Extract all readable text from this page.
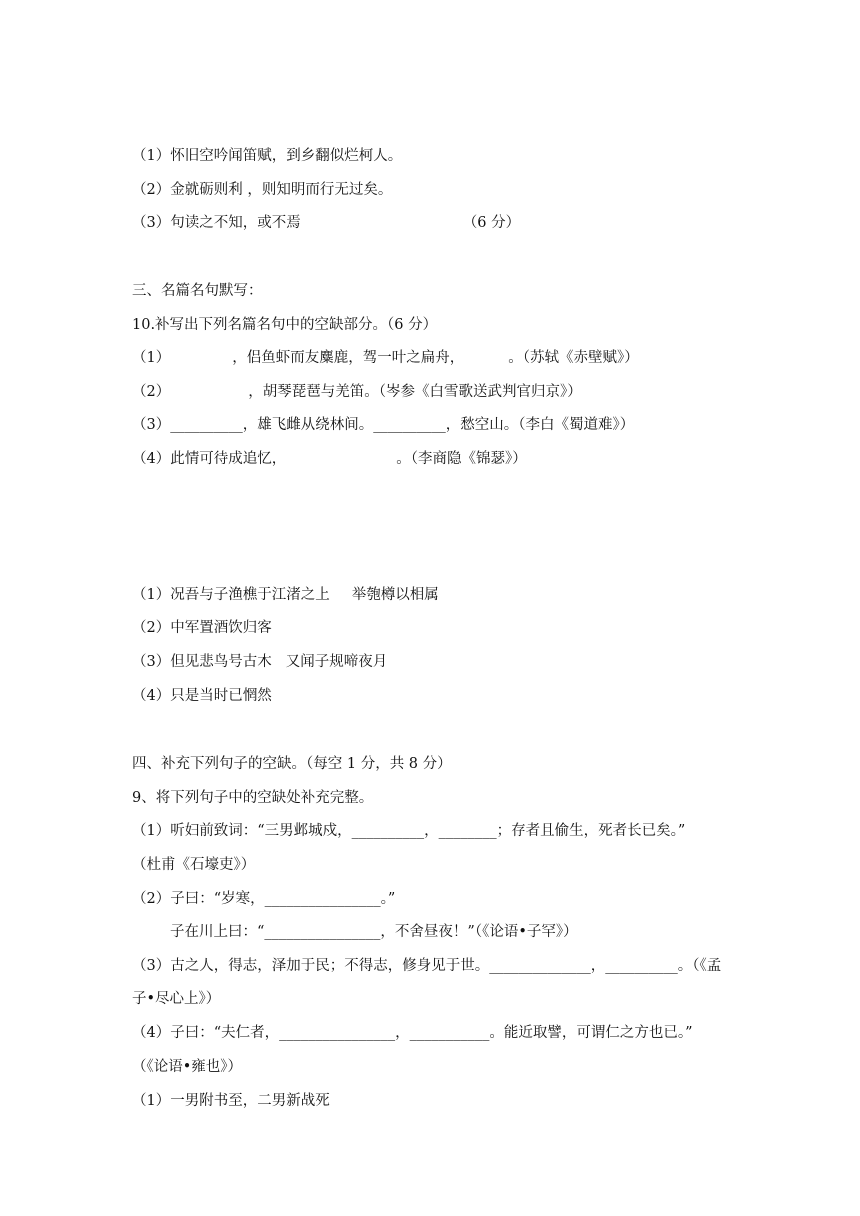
（1）怀旧空吟闻笛赋，到乡翻似烂柯人。

（2）金就砺则利 ，则知明而行无过矣。

（3）句读之不知，或不焉	（6 分）

三、名篇名句默写：

10.补写出下列名篇名句中的空缺部分。（6 分）

（1）	，侣鱼虾而友麋鹿，驾一叶之扁舟，	。（苏轼《赤壁赋》）

（2）	，胡琴琵琶与羌笛。（岑参《白雪歌送武判官归京》）

（3）__________，雄飞雌从绕林间。__________，愁空山。（李白《蜀道难》）

（4）此情可待成追忆，	。（李商隐《锦瑟》）

（1）况吾与子渔樵于江渚之上 举匏樽以相属

（2）中军置酒饮归客

（3）但见悲鸟号古木 又闻子规啼夜月

（4）只是当时已惘然

四、补充下列句子的空缺。（每空 1 分，共 8 分）

9、将下列句子中的空缺处补充完整。

（1）听妇前致词：“三男邺城戍，__________，________；存者且偷生，死者长已矣。”

（杜甫《石壕吏》）

（2）子曰：“岁寒，________________。”

子在川上曰：“________________，不舍昼夜！”（《论语•子罕》）

（3）古之人，得志，泽加于民；不得志，修身见于世。______________，__________。（《孟

子•尽心上》）

（4）子曰：“夫仁者，________________，___________。能近取譬，可谓仁之方也已。”

（《论语•雍也》）

（1）一男附书至，二男新战死
